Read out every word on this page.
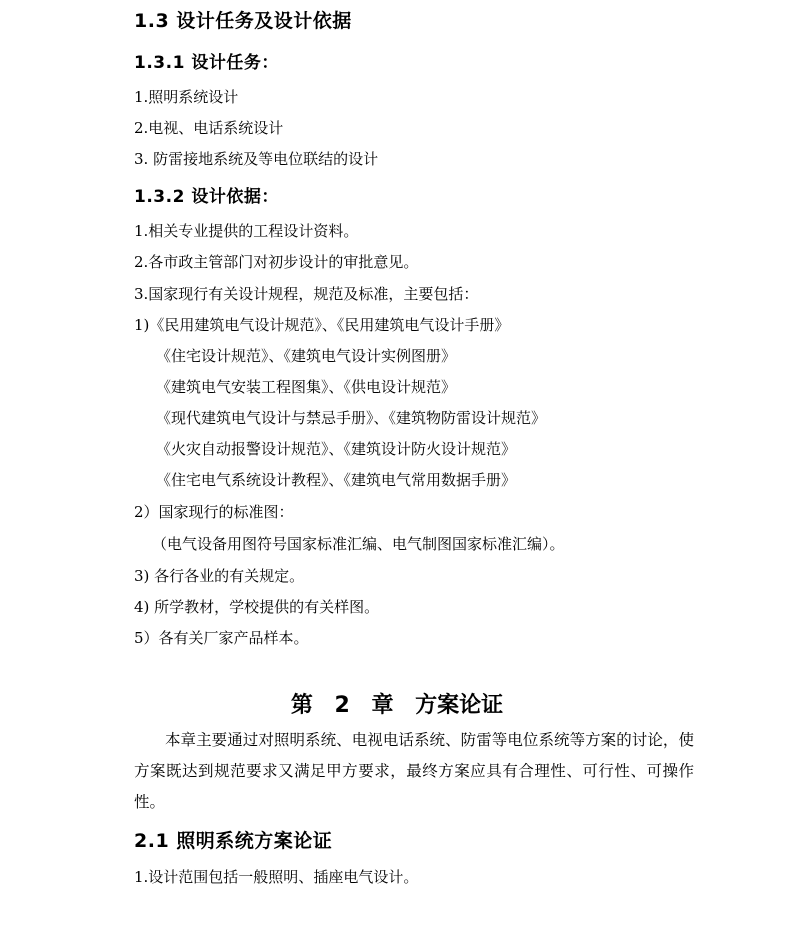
1.3 设计任务及设计依据
1.3.1 设计任务：
1.照明系统设计
2.电视、电话系统设计
3. 防雷接地系统及等电位联结的设计
1.3.2 设计依据：
1.相关专业提供的工程设计资料。
2.各市政主管部门对初步设计的审批意见。
3.国家现行有关设计规程，规范及标准，主要包括：
1)《民用建筑电气设计规范》、《民用建筑电气设计手册》
《住宅设计规范》、《建筑电气设计实例图册》
《建筑电气安装工程图集》、《供电设计规范》
《现代建筑电气设计与禁忌手册》、《建筑物防雷设计规范》
《火灾自动报警设计规范》、《建筑设计防火设计规范》
《住宅电气系统设计教程》、《建筑电气常用数据手册》
2）国家现行的标准图：
（电气设备用图符号国家标准汇编、电气制图国家标准汇编）。
3) 各行各业的有关规定。
4) 所学教材，学校提供的有关样图。
5）各有关厂家产品样本。
第 2 章 方案论证
本章主要通过对照明系统、电视电话系统、防雷等电位系统等方案的讨论，使方案既达到规范要求又满足甲方要求，最终方案应具有合理性、可行性、可操作性。
2.1 照明系统方案论证
1.设计范围包括一般照明、插座电气设计。
